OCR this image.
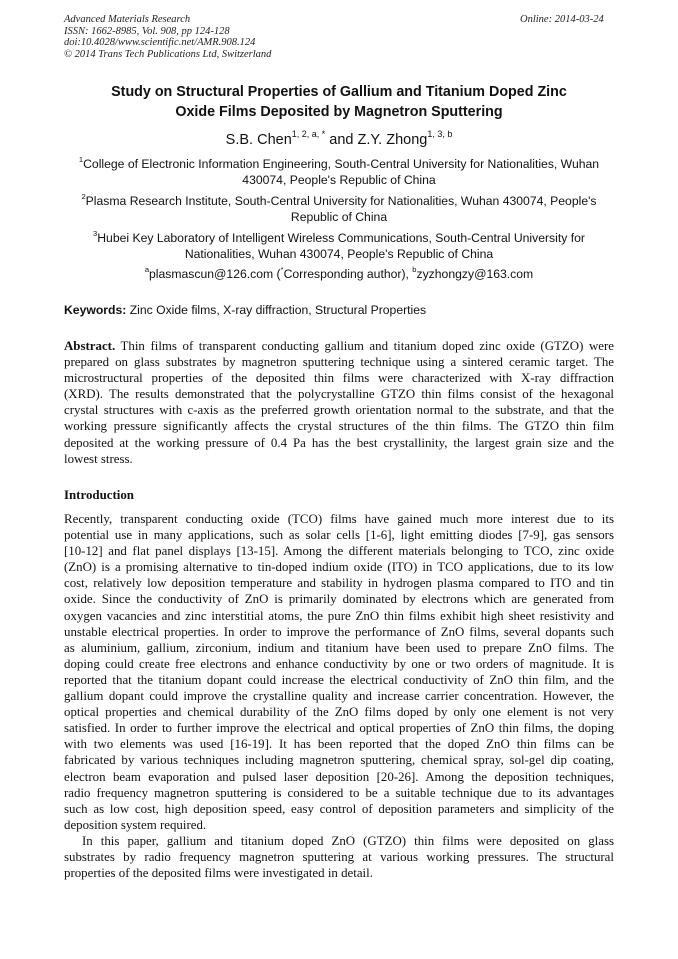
Advanced Materials Research
ISSN: 1662-8985, Vol. 908, pp 124-128
doi:10.4028/www.scientific.net/AMR.908.124
© 2014 Trans Tech Publications Ltd, Switzerland
Online: 2014-03-24
Study on Structural Properties of Gallium and Titanium Doped Zinc
Oxide Films Deposited by Magnetron Sputtering
S.B. Chen$^{1, 2, a, *}$ and Z.Y. Zhong$^{1, 3, b}$
$^1$College of Electronic Information Engineering, South-Central University for Nationalities, Wuhan
430074, People's Republic of China
$^2$Plasma Research Institute, South-Central University for Nationalities, Wuhan 430074, People's
Republic of China
$^3$Hubei Key Laboratory of Intelligent Wireless Communications, South-Central University for
Nationalities, Wuhan 430074, People's Republic of China
$^a$plasmascun@126.com (*Corresponding author), $^b$zyzhongzy@163.com
Keywords: Zinc Oxide films, X-ray diffraction, Structural Properties
Abstract. Thin films of transparent conducting gallium and titanium doped zinc oxide (GTZO) were
prepared on glass substrates by magnetron sputtering technique using a sintered ceramic target. The
microstructural properties of the deposited thin films were characterized with X-ray diffraction
(XRD). The results demonstrated that the polycrystalline GTZO thin films consist of the hexagonal
crystal structures with c-axis as the preferred growth orientation normal to the substrate, and that the
working pressure significantly affects the crystal structures of the thin films. The GTZO thin film
deposited at the working pressure of 0.4 Pa has the best crystallinity, the largest grain size and the
lowest stress.
Introduction
Recently, transparent conducting oxide (TCO) films have gained much more interest due to its
potential use in many applications, such as solar cells [1-6], light emitting diodes [7-9], gas sensors
[10-12] and flat panel displays [13-15]. Among the different materials belonging to TCO, zinc oxide
(ZnO) is a promising alternative to tin-doped indium oxide (ITO) in TCO applications, due to its low
cost, relatively low deposition temperature and stability in hydrogen plasma compared to ITO and tin
oxide. Since the conductivity of ZnO is primarily dominated by electrons which are generated from
oxygen vacancies and zinc interstitial atoms, the pure ZnO thin films exhibit high sheet resistivity and
unstable electrical properties. In order to improve the performance of ZnO films, several dopants such
as aluminium, gallium, zirconium, indium and titanium have been used to prepare ZnO films. The
doping could create free electrons and enhance conductivity by one or two orders of magnitude. It is
reported that the titanium dopant could increase the electrical conductivity of ZnO thin film, and the
gallium dopant could improve the crystalline quality and increase carrier concentration. However, the
optical properties and chemical durability of the ZnO films doped by only one element is not very
satisfied. In order to further improve the electrical and optical properties of ZnO thin films, the doping
with two elements was used [16-19]. It has been reported that the doped ZnO thin films can be
fabricated by various techniques including magnetron sputtering, chemical spray, sol-gel dip coating,
electron beam evaporation and pulsed laser deposition [20-26]. Among the deposition techniques,
radio frequency magnetron sputtering is considered to be a suitable technique due to its advantages
such as low cost, high deposition speed, easy control of deposition parameters and simplicity of the
deposition system required.
In this paper, gallium and titanium doped ZnO (GTZO) thin films were deposited on glass
substrates by radio frequency magnetron sputtering at various working pressures. The structural
properties of the deposited films were investigated in detail.
